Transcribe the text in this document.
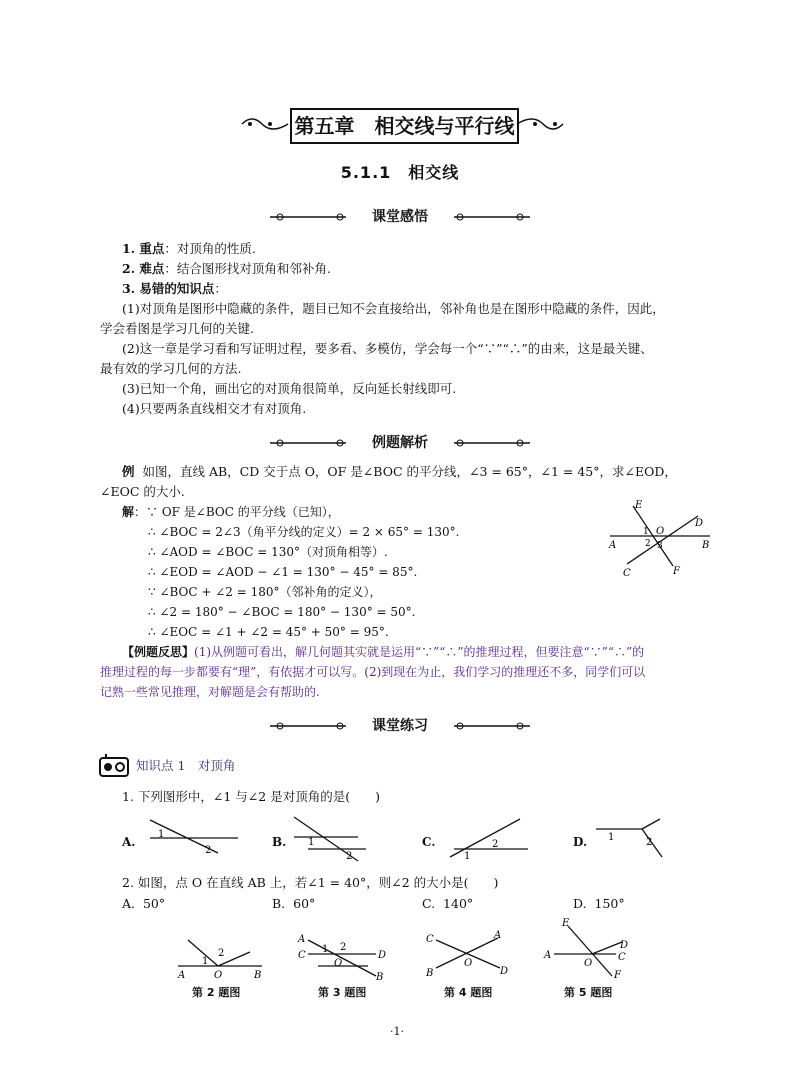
第五章　相交线与平行线
5.1.1　相交线
课堂感悟
1. 重点：对顶角的性质.
2. 难点：结合图形找对顶角和邻补角.
3. 易错的知识点：
(1)对顶角是图形中隐藏的条件，题目已知不会直接给出，邻补角也是在图形中隐藏的条件，因此，
学会看图是学习几何的关键.
(2)这一章是学习看和写证明过程，要多看、多模仿，学会每一个“∵”“∴”的由来，这是最关键、
最有效的学习几何的方法.
(3)已知一个角，画出它的对顶角很简单，反向延长射线即可.
(4)只要两条直线相交才有对顶角.
例题解析
例 如图，直线 AB，CD 交于点 O，OF 是∠BOC 的平分线，∠3 = 65°，∠1 = 45°，求∠EOD，
∠EOC 的大小.
解：∵ OF 是∠BOC 的平分线（已知），
∴ ∠BOC = 2∠3（角平分线的定义）= 2 × 65° = 130°.
∴ ∠AOD = ∠BOC = 130°（对顶角相等）.
∴ ∠EOD = ∠AOD − ∠1 = 130° − 45° = 85°.
∵ ∠BOC + ∠2 = 180°（邻补角的定义），
∴ ∠2 = 180° − ∠BOC = 180° − 130° = 50°.
∴ ∠EOC = ∠1 + ∠2 = 45° + 50° = 95°.
E
D
A	B
C	F
O
1
2 3
【例题反思】(1)从例题可看出，解几何题其实就是运用“∵”“∴”的推理过程，但要注意“∵”“∴”的
推理过程的每一步都要有“理”，有依据才可以写。(2)到现在为止，我们学习的推理还不多，同学们可以
记熟一些常见推理，对解题是会有帮助的.
课堂练习
知识点 1　对顶角
1. 下列图形中，∠1 与∠2 是对顶角的是(　　)
A.
1
2
B. 1
2
C.
1
2	D. 1	2
2. 如图，点 O 在直线 AB 上，若∠1 = 40°，则∠2 的大小是(　　)
A. 50°	B. 60°	C. 140°	D. 150°
A	O	B
1
2
第 2 题图
A
C	D
B
O
1 2
第 3 题图
C	A
B	D
O
第 4 题图
E
D
A
O
C
F
第 5 题图
·1·
